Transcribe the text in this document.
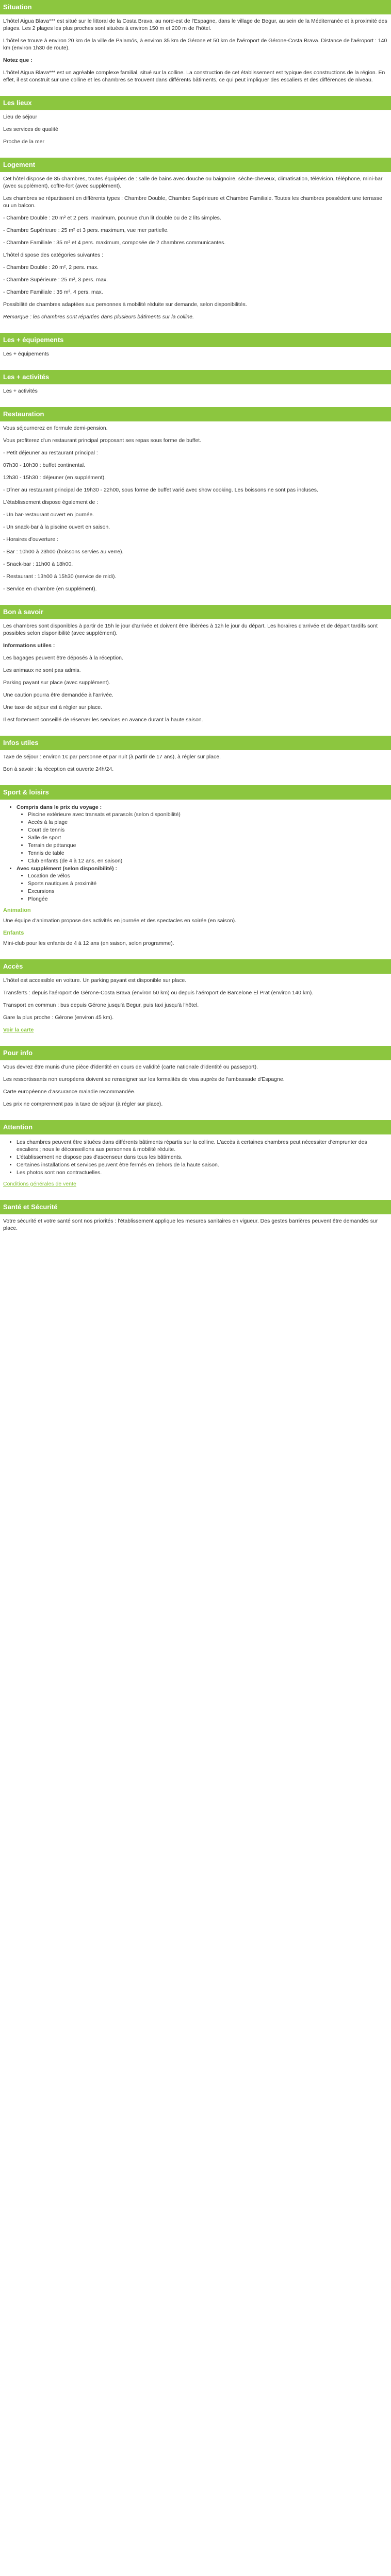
Situation

L'hôtel Aigua Blava*** est situé sur le littoral de la Costa Brava, au nord-est de l'Espagne, dans le village de Begur, au sein de la Méditerranée et à proximité des plages. Les 2 plages les plus proches sont situées à environ 150 m et 200 m de l'hôtel.

L'hôtel se trouve à environ 20 km de la ville de Palamós, à environ 35 km de Gérone et 50 km de l'aéroport de Gérone-Costa Brava. Distance de l'aéroport : 140 km (environ 1h30 de route).

Notez que :

L'hôtel Aigua Blava*** est un agréable complexe familial, situé sur la colline. La construction de cet établissement est typique des constructions de la région. En effet, il est construit sur une colline et les chambres se trouvent dans différents bâtiments, ce qui peut impliquer des escaliers et des différences de niveau.

Les lieux

Lieu de séjour

Les services de qualité

Proche de la mer

Logement

Cet hôtel dispose de 85 chambres, toutes équipées de : salle de bains avec douche ou baignoire, sèche-cheveux, climatisation, télévision, téléphone, mini-bar (avec supplément), coffre-fort (avec supplément).

Les chambres se répartissent en différents types : Chambre Double, Chambre Supérieure et Chambre Familiale. Toutes les chambres possèdent une terrasse ou un balcon.

- Chambre Double : 20 m² et 2 pers. maximum, pourvue d'un lit double ou de 2 lits simples.

- Chambre Supérieure : 25 m² et 3 pers. maximum, vue mer partielle.

- Chambre Familiale : 35 m² et 4 pers. maximum, composée de 2 chambres communicantes.

L'hôtel dispose des catégories suivantes :

- Chambre Double : 20 m², 2 pers. max.

- Chambre Supérieure : 25 m², 3 pers. max.

- Chambre Familiale : 35 m², 4 pers. max.

Possibilité de chambres adaptées aux personnes à mobilité réduite sur demande, selon disponibilités.

Remarque : les chambres sont réparties dans plusieurs bâtiments sur la colline.

Les + équipements

Les + équipements

Les + activités

Les + activités

Restauration

Vous séjournerez en formule demi-pension.

Vous profiterez d'un restaurant principal proposant ses repas sous forme de buffet.

- Petit déjeuner au restaurant principal :

07h30 - 10h30 : buffet continental.

12h30 - 15h30 : déjeuner (en supplément).

- Dîner au restaurant principal de 19h30 - 22h00, sous forme de buffet varié avec show cooking. Les boissons ne sont pas incluses.

L'établissement dispose également de :

- Un bar-restaurant ouvert en journée.

- Un snack-bar à la piscine ouvert en saison.

- Horaires d'ouverture :

- Bar : 10h00 à 23h00 (boissons servies au verre).

- Snack-bar : 11h00 à 18h00.

- Restaurant : 13h00 à 15h30 (service de midi).

- Service en chambre (en supplément).

Bon à savoir

Les chambres sont disponibles à partir de 15h le jour d'arrivée et doivent être libérées à 12h le jour du départ. Les horaires d'arrivée et de départ tardifs sont possibles selon disponibilité (avec supplément).

Informations utiles :

Les bagages peuvent être déposés à la réception.

Les animaux ne sont pas admis.

Parking payant sur place (avec supplément).

Une caution pourra être demandée à l'arrivée.

Une taxe de séjour est à régler sur place.

Il est fortement conseillé de réserver les services en avance durant la haute saison.

Infos utiles

Taxe de séjour : environ 1€ par personne et par nuit (à partir de 17 ans), à régler sur place.

Bon à savoir : la réception est ouverte 24h/24.

Sport & loisirs
• Compris dans le prix du voyage :
• Piscine extérieure avec transats et parasols (selon disponibilité)
• Accès à la plage
• Court de tennis
• Salle de sport
• Terrain de pétanque
• Tennis de table
• Club enfants (de 4 à 12 ans, en saison)
• Avec supplément (selon disponibilité) :
• Location de vélos
• Sports nautiques à proximité
• Excursions
• Plongée
Animation

Une équipe d'animation propose des activités en journée et des spectacles en soirée (en saison).

Enfants

Mini-club pour les enfants de 4 à 12 ans (en saison, selon programme).

Accès

L'hôtel est accessible en voiture. Un parking payant est disponible sur place.

Transferts : depuis l'aéroport de Gérone-Costa Brava (environ 50 km) ou depuis l'aéroport de Barcelone El Prat (environ 140 km).

Transport en commun : bus depuis Gérone jusqu'à Begur, puis taxi jusqu'à l'hôtel.

Gare la plus proche : Gérone (environ 45 km).

Voir la carte

Pour info

Vous devrez être munis d'une pièce d'identité en cours de validité (carte nationale d'identité ou passeport).

Les ressortissants non européens doivent se renseigner sur les formalités de visa auprès de l'ambassade d'Espagne.

Carte européenne d'assurance maladie recommandée.

Les prix ne comprennent pas la taxe de séjour (à régler sur place).

Attention
• Les chambres peuvent être situées dans différents bâtiments répartis sur la colline. L'accès à certaines chambres peut nécessiter d'emprunter des escaliers ; nous le déconseillons aux personnes à mobilité réduite.
• L'établissement ne dispose pas d'ascenseur dans tous les bâtiments.
• Certaines installations et services peuvent être fermés en dehors de la haute saison.
• Les photos sont non contractuelles.

Conditions générales de vente

Santé et Sécurité

Votre sécurité et votre santé sont nos priorités : l'établissement applique les mesures sanitaires en vigueur. Des gestes barrières peuvent être demandés sur place.
